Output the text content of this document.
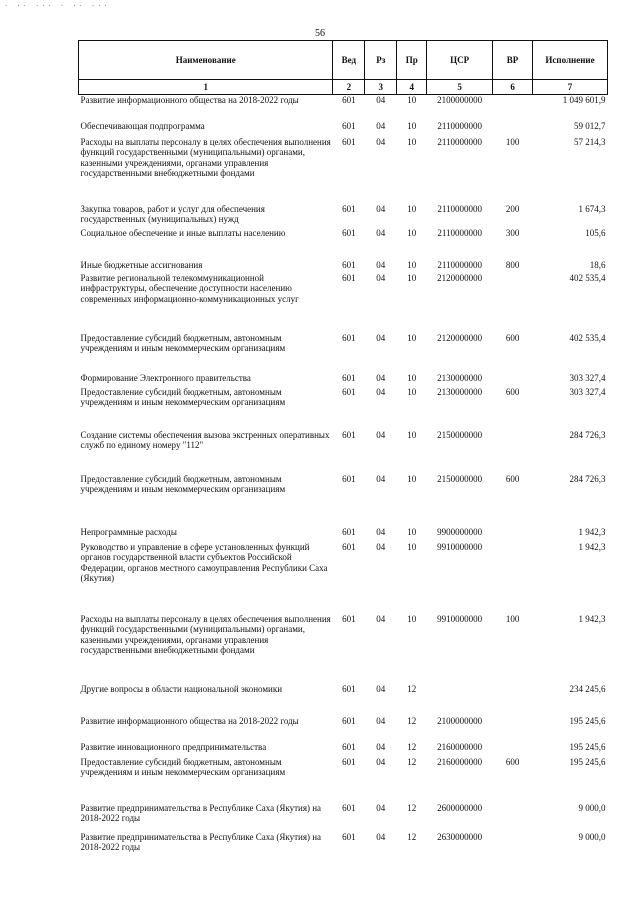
· ·· ··· · ·· ···
56
Наименование	Вед	Рз	Пр	ЦСР	ВР	Исполнение
1	2	3	4	5	6	7
Развитие информационного общества на 2018-2022 годы	601	04	10	2100000000		1 049 601,9
Обеспечивающая подпрограмма	601	04	10	2110000000		59 012,7
Расходы на выплаты персоналу в целях обеспечения выполнения функций государственными (муниципальными) органами, казенными учреждениями, органами управления государственными внебюджетными фондами	601	04	10	2110000000	100	57 214,3
Закупка товаров, работ и услуг для обеспечения государственных (муниципальных) нужд	601	04	10	2110000000	200	1 674,3
Социальное обеспечение и иные выплаты населению	601	04	10	2110000000	300	105,6
Иные бюджетные ассигнования	601	04	10	2110000000	800	18,6
Развитие региональной телекоммуникационной инфраструктуры, обеспечение доступности населению современных информационно-коммуникационных услуг	601	04	10	2120000000		402 535,4
Предоставление субсидий бюджетным, автономным учреждениям и иным некоммерческим организациям	601	04	10	2120000000	600	402 535,4
Формирование Электронного правительства	601	04	10	2130000000		303 327,4
Предоставление субсидий бюджетным, автономным учреждениям и иным некоммерческим организациям	601	04	10	2130000000	600	303 327,4
Создание системы обеспечения вызова экстренных оперативных служб по единому номеру "112"	601	04	10	2150000000		284 726,3
Предоставление субсидий бюджетным, автономным учреждениям и иным некоммерческим организациям	601	04	10	2150000000	600	284 726,3
Непрограммные расходы	601	04	10	9900000000		1 942,3
Руководство и управление в сфере установленных функций органов государственной власти субъектов Российской Федерации, органов местного самоуправления Республики Саха (Якутия)	601	04	10	9910000000		1 942,3
Расходы на выплаты персоналу в целях обеспечения выполнения функций государственными (муниципальными) органами, казенными учреждениями, органами управления государственными внебюджетными фондами	601	04	10	9910000000	100	1 942,3
Другие вопросы в области национальной экономики	601	04	12			234 245,6
Развитие информационного общества на 2018-2022 годы	601	04	12	2100000000		195 245,6
Развитие инновационного предпринимательства	601	04	12	2160000000		195 245,6
Предоставление субсидий бюджетным, автономным учреждениям и иным некоммерческим организациям	601	04	12	2160000000	600	195 245,6
Развитие предпринимательства в Республике Саха (Якутия) на 2018-2022 годы	601	04	12	2600000000		9 000,0
Развитие предпринимательства в Республике Саха (Якутия) на 2018-2022 годы	601	04	12	2630000000		9 000,0
